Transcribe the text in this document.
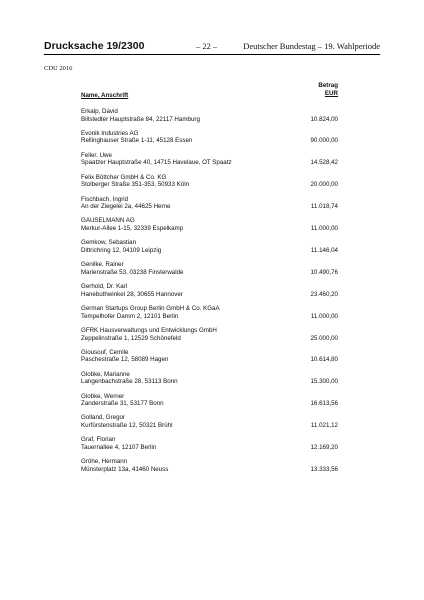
Drucksache 19/2300	– 22 –	Deutscher Bundestag – 19. Wahlperiode
CDU 2016
Name, Anschrift
Betrag
EUR
Erkalp, David
Billstedter Hauptstraße 84, 22117 Hamburg	10.824,00
Evonik Industries AG
Rellinghauser Straße 1-11, 45128 Essen	90.000,00
Feller, Uwe
Spaatzer Hauptstraße 40, 14715 Havelaue, OT Spaatz	14.528,42
Felix Böttcher GmbH & Co. KG
Stolberger Straße 351-353, 50933 Köln	20.000,00
Fischbach, Ingrid
An der Ziegelei 2a, 44625 Herne	11.018,74
GAUSELMANN AG
Merkur-Allee 1-15, 32339 Espelkamp	11.000,00
Gemkow, Sebastian
Dittrichring 12, 04109 Leipzig	11.146,04
Genilke, Rainer
Marienstraße 53, 03238 Finsterwalde	10.490,76
Gerhold, Dr. Karl
Hanebuthwinkel 28, 30655 Hannover	23.460,20
German Startups Group Berlin GmbH & Co. KGaA
Tempelhofer Damm 2, 12101 Berlin	11.000,00
GFRK Hausverwaltungs und Entwicklungs GmbH
Zeppelinstraße 1, 12529 Schönefeld	25.000,00
Giousouf, Cemile
Paschestraße 12, 58089 Hagen	10.614,80
Globke, Marianne
Langenbachstraße 28, 53113 Bonn	15.300,00
Globke, Werner
Zanderstraße 31, 53177 Bonn	16.613,56
Golland, Gregor
Kurfürstenstraße 12, 50321 Brühl	11.021,12
Graf, Florian
Tauernallee 4, 12107 Berlin	12.169,20
Gröhe, Hermann
Münsterplatz 13a, 41460 Neuss	13.333,56
